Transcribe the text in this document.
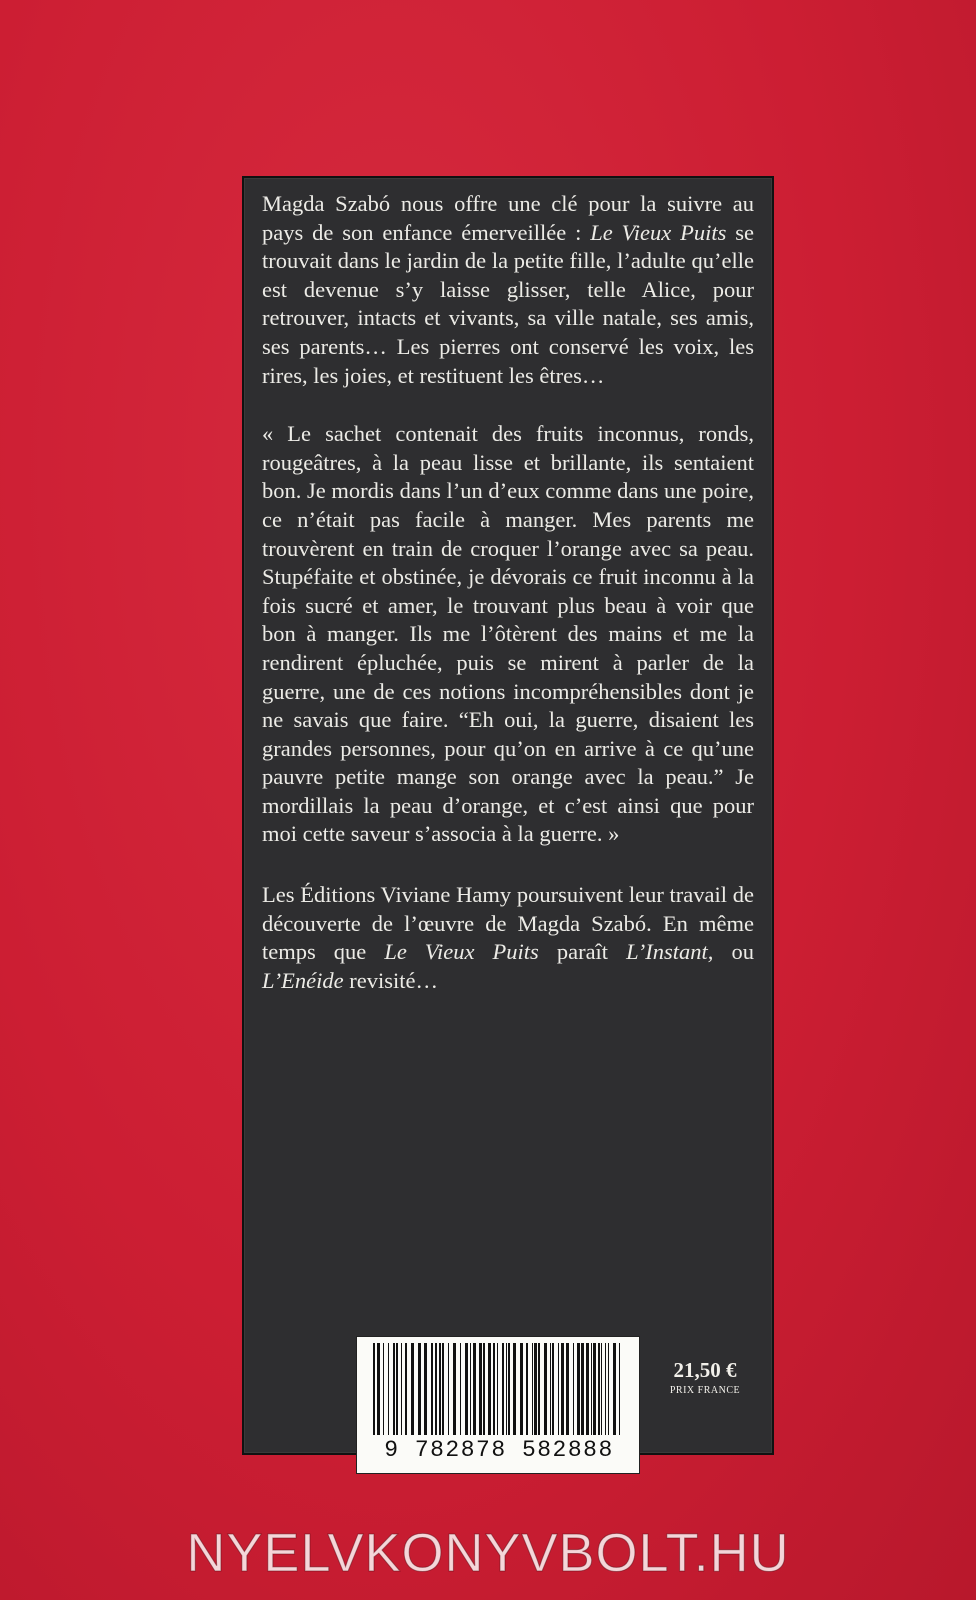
Magda Szabó nous offre une clé pour la suivre au pays de son enfance émerveillée : Le Vieux Puits se trouvait dans le jardin de la petite fille, l’adulte qu’elle est devenue s’y laisse glisser, telle Alice, pour retrouver, intacts et vivants, sa ville natale, ses amis, ses parents… Les pierres ont conservé les voix, les rires, les joies, et restituent les êtres…

« Le sachet contenait des fruits inconnus, ronds, rougeâtres, à la peau lisse et brillante, ils sentaient bon. Je mordis dans l’un d’eux comme dans une poire, ce n’était pas facile à manger. Mes parents me trouvèrent en train de croquer l’orange avec sa peau. Stupéfaite et obstinée, je dévorais ce fruit inconnu à la fois sucré et amer, le trouvant plus beau à voir que bon à manger. Ils me l’ôtèrent des mains et me la rendirent épluchée, puis se mirent à parler de la guerre, une de ces notions incompréhensibles dont je ne savais que faire. “Eh oui, la guerre, disaient les grandes personnes, pour qu’on en arrive à ce qu’une pauvre petite mange son orange avec la peau.” Je mordillais la peau d’orange, et c’est ainsi que pour moi cette saveur s’associa à la guerre. »

Les Éditions Viviane Hamy poursuivent leur travail de découverte de l’œuvre de Magda Szabó. En même temps que Le Vieux Puits paraît L’Instant, ou L’Enéide revisité…

9 782878 582888
21,50 €
PRIX FRANCE
NYELVKONYVBOLT.HU
